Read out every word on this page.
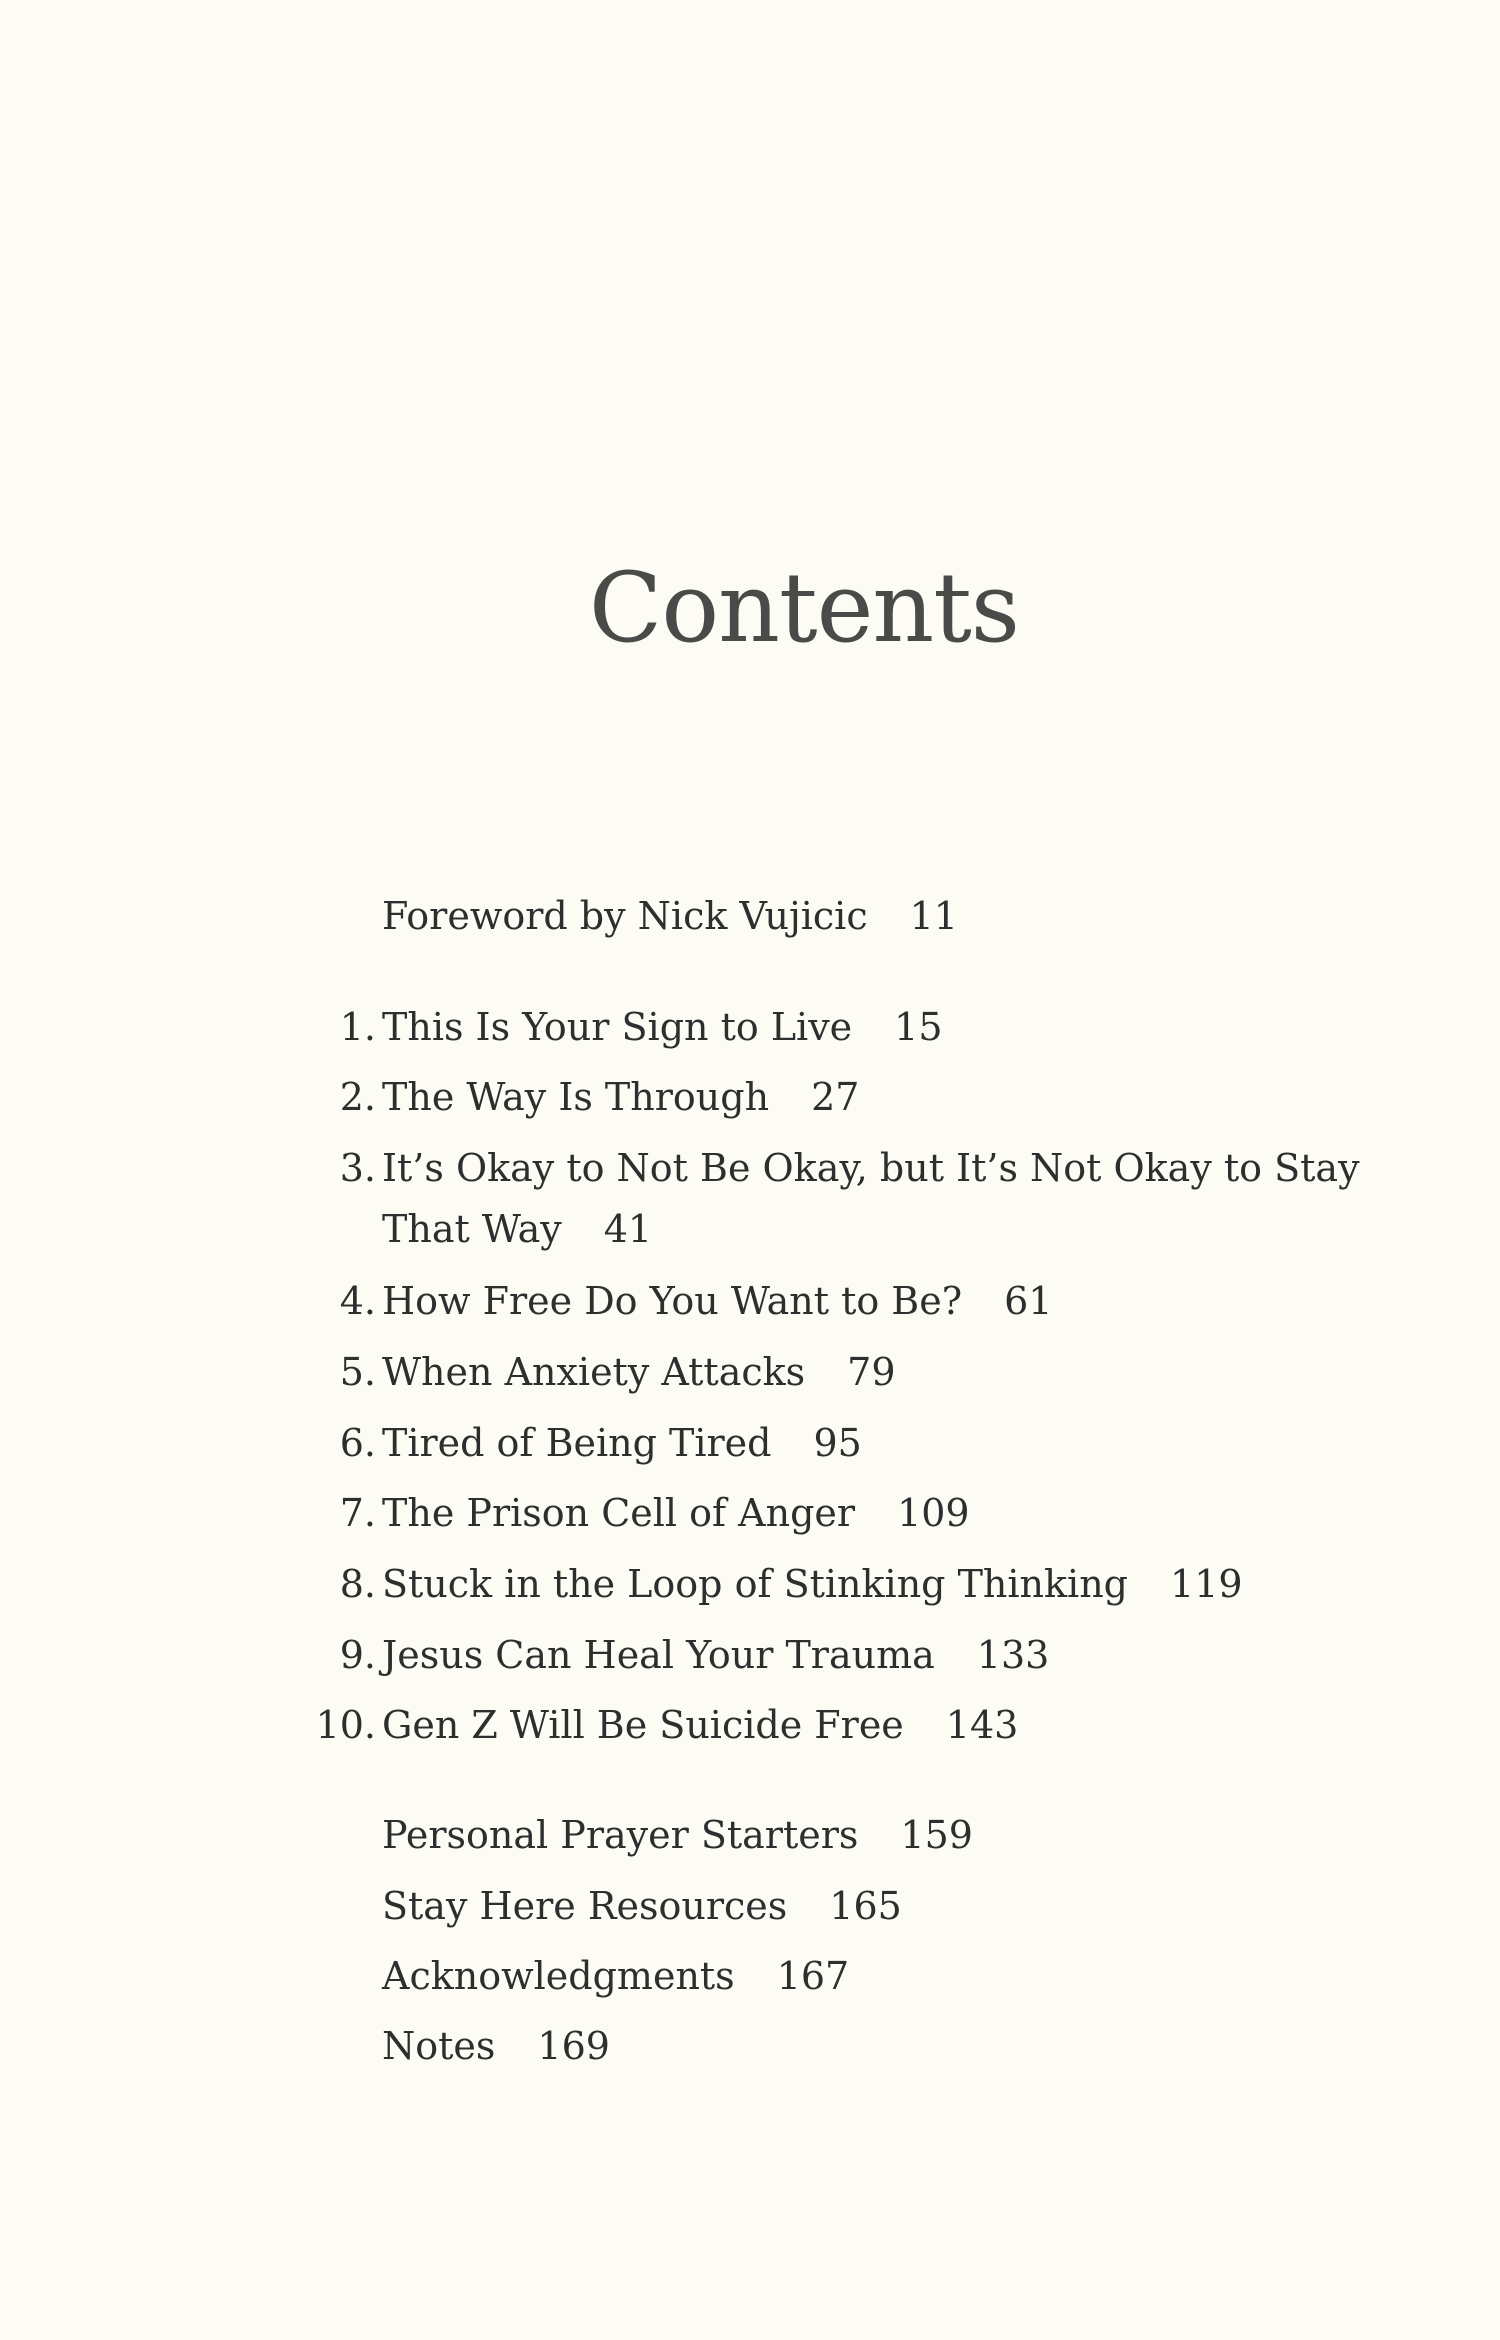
Contents
Foreword by Nick Vujicic 11
1. This Is Your Sign to Live 15
2. The Way Is Through 27
3. It’s Okay to Not Be Okay, but It’s Not Okay to Stay
That Way 41
4. How Free Do You Want to Be? 61
5. When Anxiety Attacks 79
6. Tired of Being Tired 95
7. The Prison Cell of Anger 109
8. Stuck in the Loop of Stinking Thinking 119
9. Jesus Can Heal Your Trauma 133
10. Gen Z Will Be Suicide Free 143
Personal Prayer Starters 159
Stay Here Resources 165
Acknowledgments 167
Notes 169
